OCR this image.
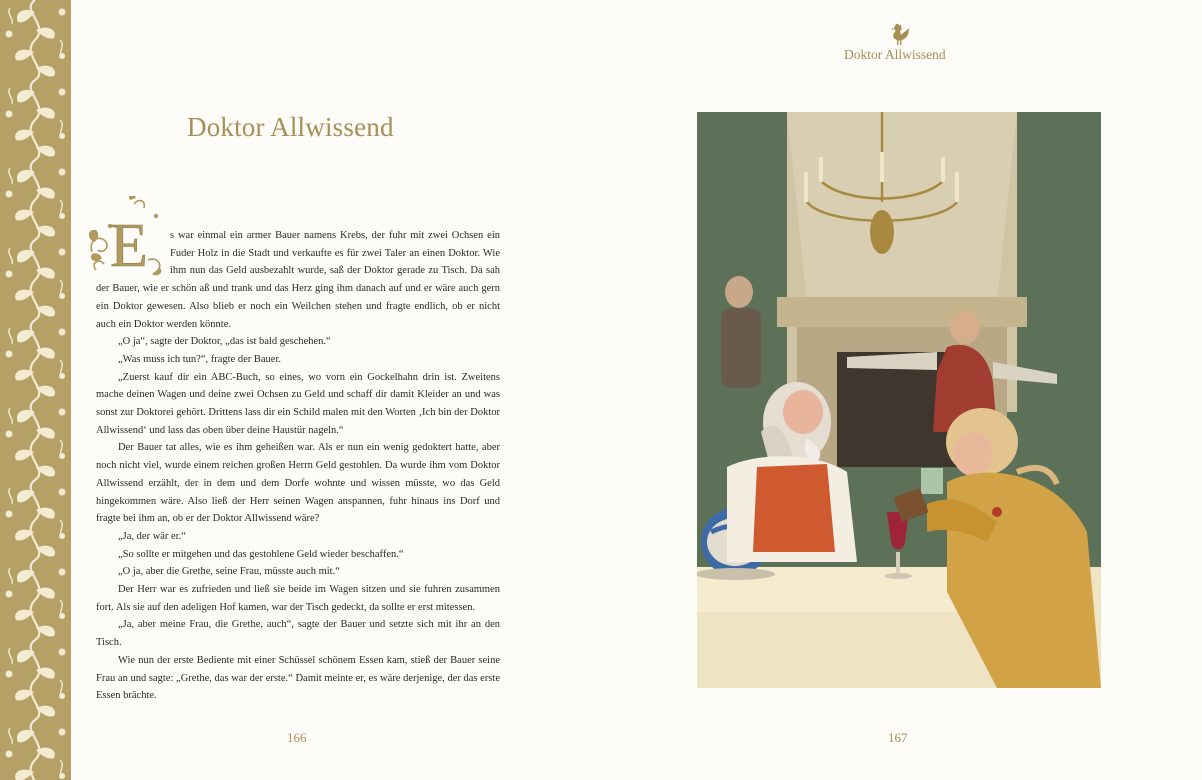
Doktor Allwissend
E	s war einmal ein armer Bauer namens Krebs, der fuhr mit zwei Ochsen ein Fuder Holz in die Stadt und verkaufte es für zwei Taler an einen Doktor. Wie ihm nun das Geld ausbezahlt wurde, saß der Doktor gerade zu Tisch. Da sah der Bauer, wie er schön aß und trank und das Herz ging ihm danach auf und er wäre auch gern ein Doktor gewesen. Also blieb er noch ein Weilchen stehen und fragte endlich, ob er nicht auch ein Doktor werden könnte.

„O ja“, sagte der Doktor, „das ist bald geschehen.“

„Was muss ich tun?“, fragte der Bauer.

„Zuerst kauf dir ein ABC-Buch, so eines, wo vorn ein Gockelhahn drin ist. Zweitens mache deinen Wagen und deine zwei Ochsen zu Geld und schaff dir damit Kleider an und was sonst zur Doktorei gehört. Drittens lass dir ein Schild malen mit den Worten ‚Ich bin der Doktor Allwissend‘ und lass das oben über deine Haustür nageln.“

Der Bauer tat alles, wie es ihm geheißen war. Als er nun ein wenig gedoktert hatte, aber noch nicht viel, wurde einem reichen großen Herrn Geld gestohlen. Da wurde ihm vom Doktor Allwissend erzählt, der in dem und dem Dorfe wohnte und wissen müsste, wo das Geld hingekommen wäre. Also ließ der Herr seinen Wagen anspannen, fuhr hinaus ins Dorf und fragte bei ihm an, ob er der Doktor Allwissend wäre?

„Ja, der wär er.“

„So sollte er mitgehen und das gestohlene Geld wieder beschaffen.“

„O ja, aber die Grethe, seine Frau, müsste auch mit.“

Der Herr war es zufrieden und ließ sie beide im Wagen sitzen und sie fuhren zusammen fort. Als sie auf den adeligen Hof kamen, war der Tisch gedeckt, da sollte er erst mitessen.

„Ja, aber meine Frau, die Grethe, auch“, sagte der Bauer und setzte sich mit ihr an den Tisch.

Wie nun der erste Bediente mit einer Schüssel schönem Essen kam, stieß der Bauer seine Frau an und sagte: „Grethe, das war der erste.“ Damit meinte er, es wäre derjenige, der das erste Essen brächte.

166
Doktor Allwissend
167
